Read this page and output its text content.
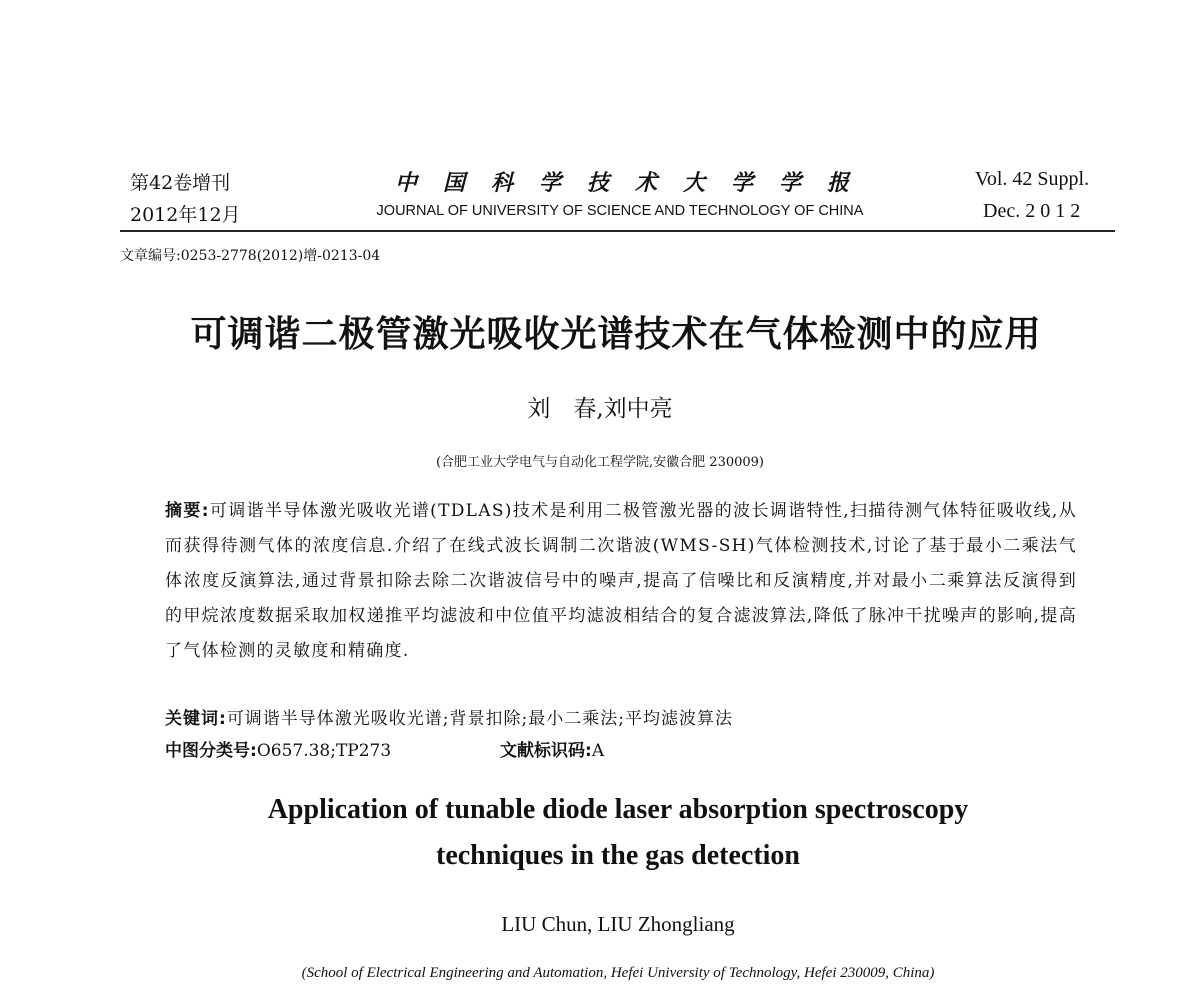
第42卷增刊
2012年12月
中国科学技术大学学报
JOURNAL OF UNIVERSITY OF SCIENCE AND TECHNOLOGY OF CHINA
Vol. 42 Suppl.
Dec. 2 0 1 2
文章编号:0253-2778(2012)增-0213-04
可调谐二极管激光吸收光谱技术在气体检测中的应用
刘　春,刘中亮
(合肥工业大学电气与自动化工程学院,安徽合肥 230009)
摘要:可调谐半导体激光吸收光谱(TDLAS)技术是利用二极管激光器的波长调谐特性,扫描待测气体特征吸收线,从而获得待测气体的浓度信息.介绍了在线式波长调制二次谐波(WMS-SH)气体检测技术,讨论了基于最小二乘法气体浓度反演算法,通过背景扣除去除二次谐波信号中的噪声,提高了信噪比和反演精度,并对最小二乘算法反演得到的甲烷浓度数据采取加权递推平均滤波和中位值平均滤波相结合的复合滤波算法,降低了脉冲干扰噪声的影响,提高了气体检测的灵敏度和精确度.
关键词:可调谐半导体激光吸收光谱;背景扣除;最小二乘法;平均滤波算法
中图分类号:O657.38;TP273	文献标识码:A
Application of tunable diode laser absorption spectroscopy
techniques in the gas detection
LIU Chun, LIU Zhongliang
(School of Electrical Engineering and Automation, Hefei University of Technology, Hefei 230009, China)
